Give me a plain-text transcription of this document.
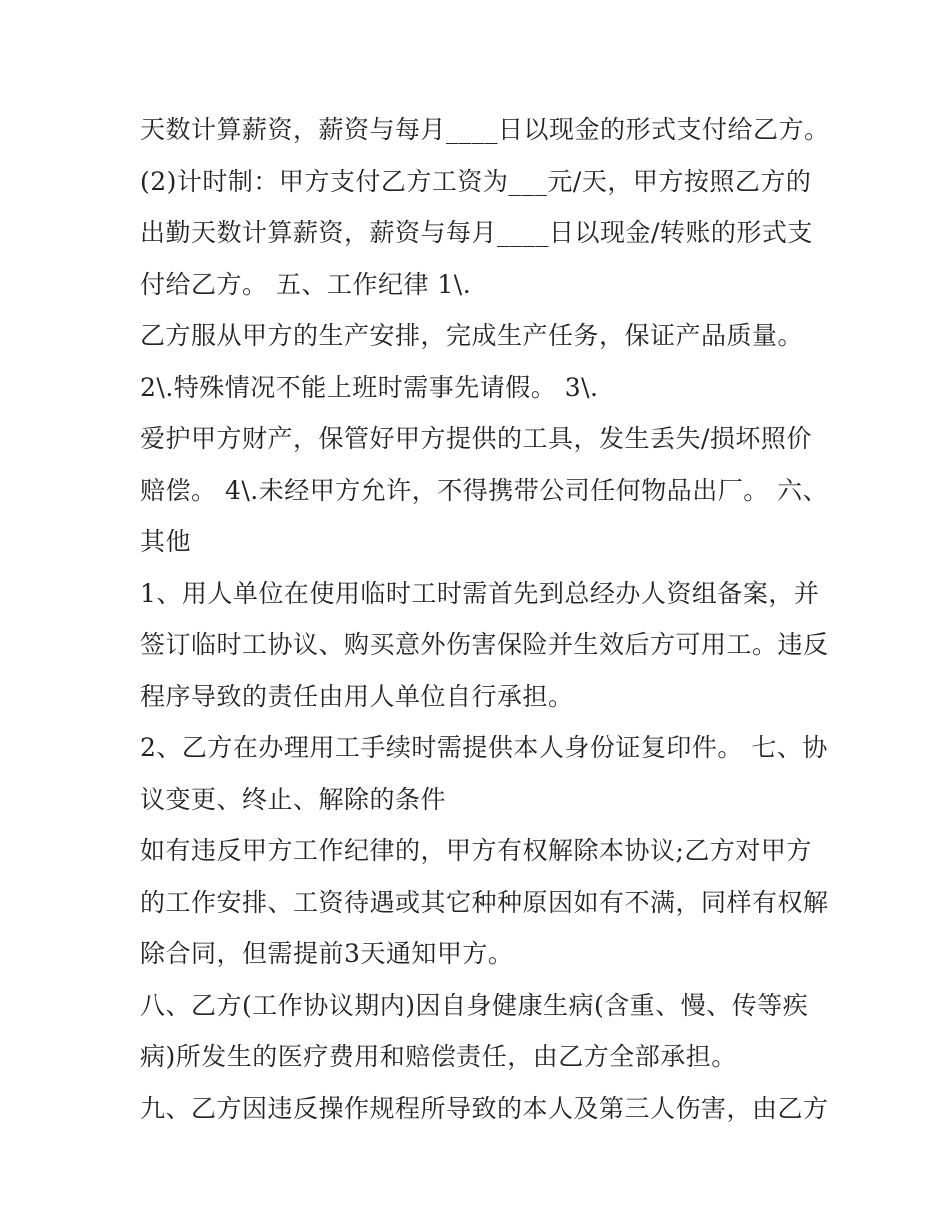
天数计算薪资，薪资与每月____日以现金的形式支付给乙方。
(2)计时制：甲方支付乙方工资为___元/天，甲方按照乙方的
出勤天数计算薪资，薪资与每月____日以现金/转账的形式支
付给乙方。 五、工作纪律 1\.
乙方服从甲方的生产安排，完成生产任务，保证产品质量。
2\.特殊情况不能上班时需事先请假。 3\.
爱护甲方财产，保管好甲方提供的工具，发生丢失/损坏照价
赔偿。 4\.未经甲方允许，不得携带公司任何物品出厂。 六、
其他
1、用人单位在使用临时工时需首先到总经办人资组备案，并
签订临时工协议、购买意外伤害保险并生效后方可用工。违反
程序导致的责任由用人单位自行承担。
2、乙方在办理用工手续时需提供本人身份证复印件。 七、协
议变更、终止、解除的条件
如有违反甲方工作纪律的，甲方有权解除本协议;乙方对甲方
的工作安排、工资待遇或其它种种原因如有不满，同样有权解
除合同，但需提前3天通知甲方。
八、乙方(工作协议期内)因自身健康生病(含重、慢、传等疾
病)所发生的医疗费用和赔偿责任，由乙方全部承担。
九、乙方因违反操作规程所导致的本人及第三人伤害，由乙方
